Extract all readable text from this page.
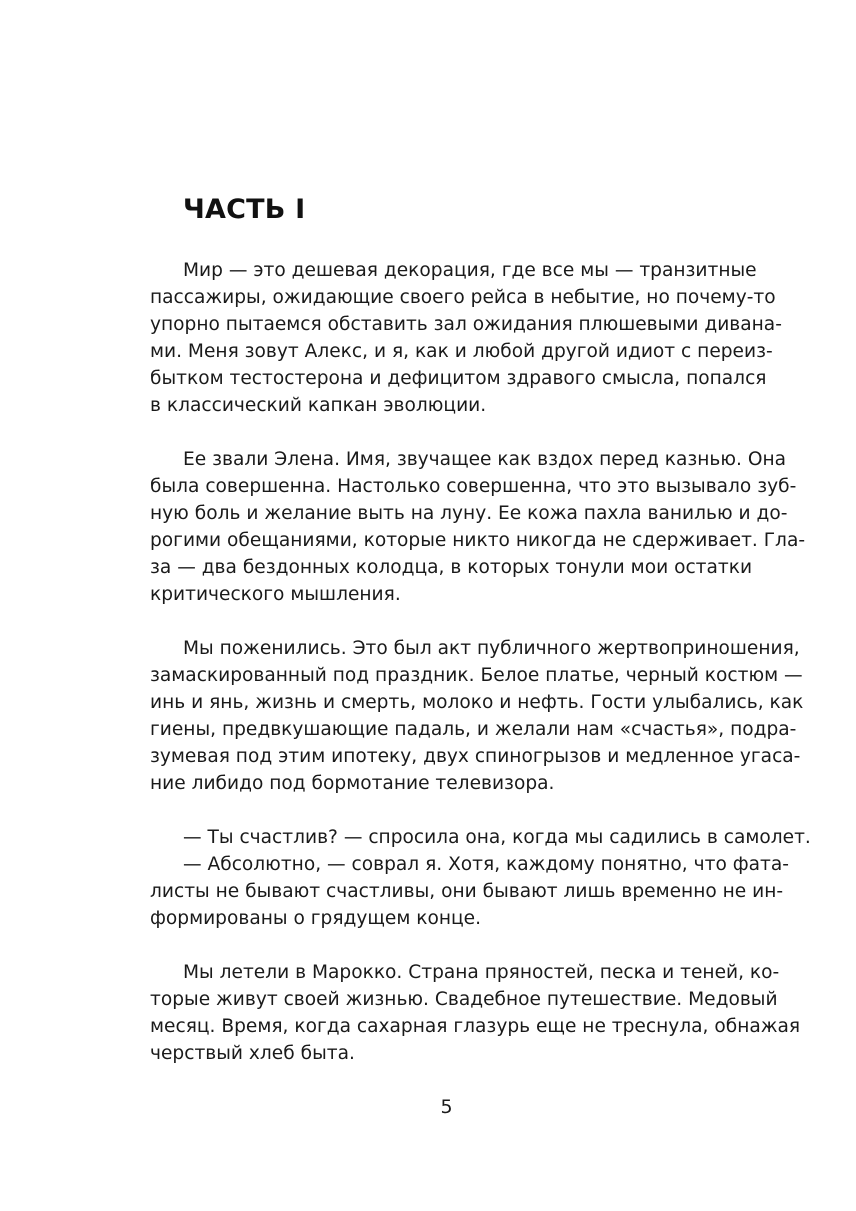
ЧАСТЬ I

Мир — это дешевая декорация, где все мы — транзитные

пассажиры, ожидающие своего рейса в небытие, но почему-то

упорно пытаемся обставить зал ожидания плюшевыми дивана-

ми. Меня зовут Алекс, и я, как и любой другой идиот с переиз-

бытком тестостерона и дефицитом здравого смысла, попался

в классический капкан эволюции.

Ее звали Элена. Имя, звучащее как вздох перед казнью. Она

была совершенна. Настолько совершенна, что это вызывало зуб-

ную боль и желание выть на луну. Ее кожа пахла ванилью и до-

рогими обещаниями, которые никто никогда не сдерживает. Гла-

за — два бездонных колодца, в которых тонули мои остатки

критического мышления.

Мы поженились. Это был акт публичного жертвоприношения,

замаскированный под праздник. Белое платье, черный костюм —

инь и янь, жизнь и смерть, молоко и нефть. Гости улыбались, как

гиены, предвкушающие падаль, и желали нам «счастья», подра-

зумевая под этим ипотеку, двух спиногрызов и медленное угаса-

ние либидо под бормотание телевизора.

— Ты счастлив? — спросила она, когда мы садились в самолет.

— Абсолютно, — соврал я. Хотя, каждому понятно, что фата-

листы не бывают счастливы, они бывают лишь временно не ин-

формированы о грядущем конце.

Мы летели в Марокко. Страна пряностей, песка и теней, ко-

торые живут своей жизнью. Свадебное путешествие. Медовый

месяц. Время, когда сахарная глазурь еще не треснула, обнажая

черствый хлеб быта.

5
